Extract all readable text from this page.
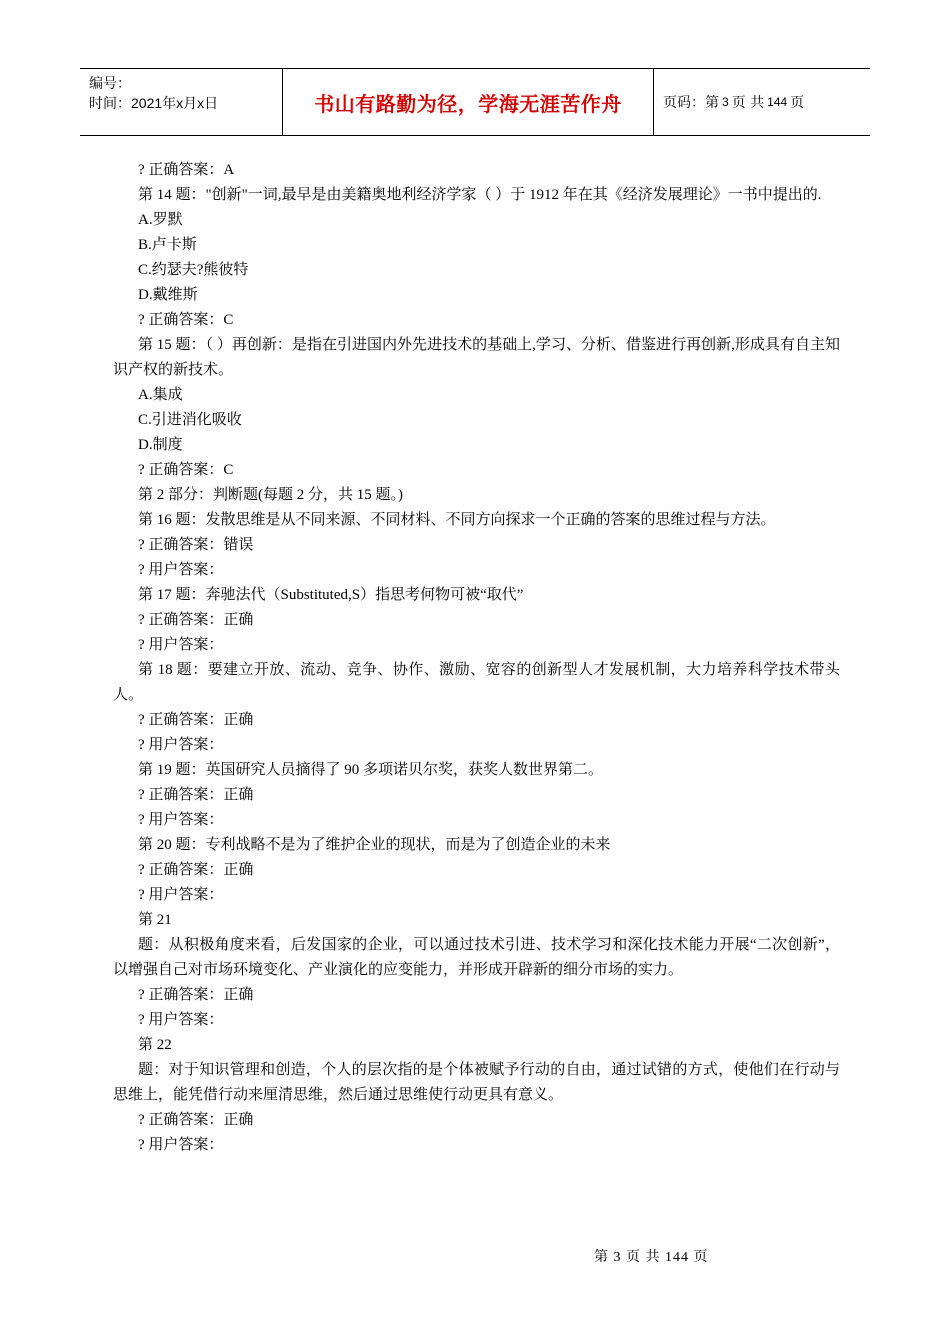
编号：
时间：2021年x月x日	书山有路勤为径，学海无涯苦作舟	页码：第 3 页 共 144 页
? 正确答案：A
第 14 题："创新"一词,最早是由美籍奥地利经济学家（ ）于 1912 年在其《经济发展理论》一书中提出的.
A.罗默
B.卢卡斯
C.约瑟夫?熊彼特
D.戴维斯
? 正确答案：C
第 15 题：（ ）再创新：是指在引进国内外先进技术的基础上,学习、分析、借鉴进行再创新,形成具有自主知识产权的新技术。
A.集成
C.引进消化吸收
D.制度
? 正确答案：C
第 2 部分：判断题(每题 2 分，共 15 题。)
第 16 题：发散思维是从不同来源、不同材料、不同方向探求一个正确的答案的思维过程与方法。
? 正确答案：错误
? 用户答案：
第 17 题：奔驰法代（Substituted,S）指思考何物可被“取代”
? 正确答案：正确
? 用户答案：
第 18 题：要建立开放、流动、竞争、协作、激励、宽容的创新型人才发展机制，大力培养科学技术带头人。
? 正确答案：正确
? 用户答案：
第 19 题：英国研究人员摘得了 90 多项诺贝尔奖，获奖人数世界第二。
? 正确答案：正确
? 用户答案：
第 20 题：专利战略不是为了维护企业的现状，而是为了创造企业的未来
? 正确答案：正确
? 用户答案：
第 21
题：从积极角度来看，后发国家的企业，可以通过技术引进、技术学习和深化技术能力开展“二次创新”，以增强自己对市场环境变化、产业演化的应变能力，并形成开辟新的细分市场的实力。
? 正确答案：正确
? 用户答案：
第 22
题：对于知识管理和创造，个人的层次指的是个体被赋予行动的自由，通过试错的方式，使他们在行动与思维上，能凭借行动来厘清思维，然后通过思维使行动更具有意义。
? 正确答案：正确
? 用户答案：
第 3 页 共 144 页
